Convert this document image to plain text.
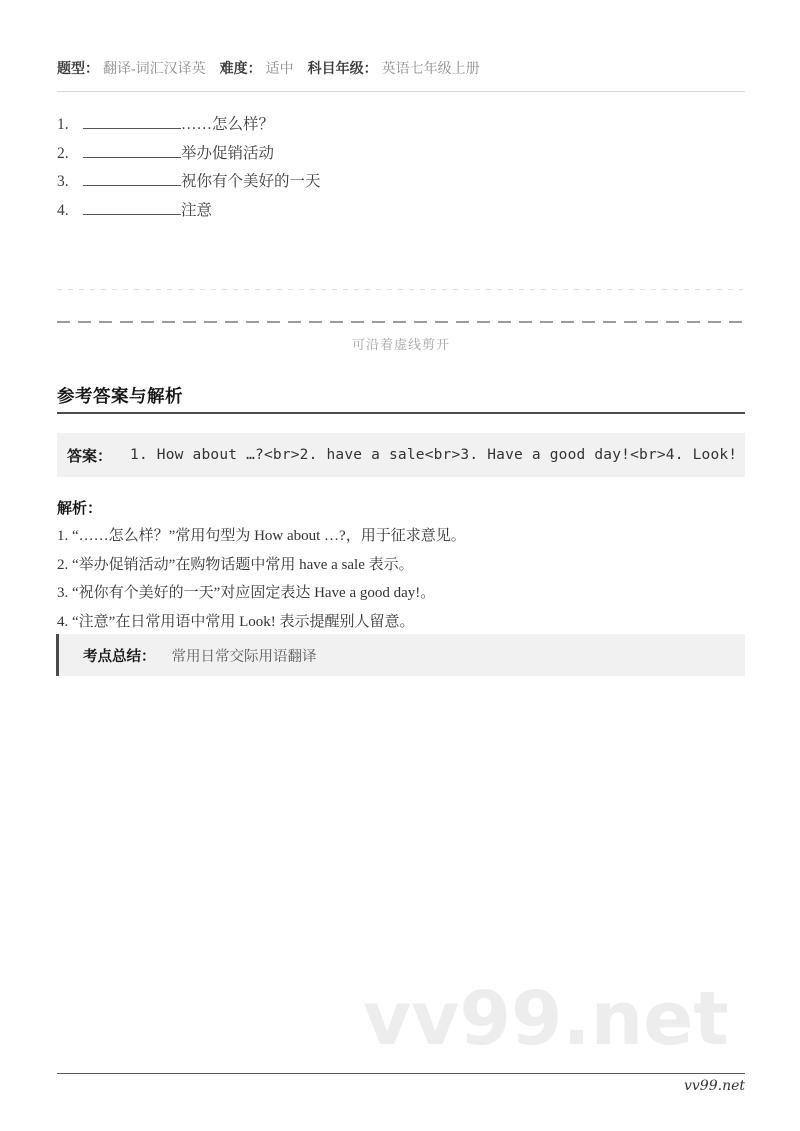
题型： 翻译-词汇汉译英 难度： 适中 科目年级： 英语七年级上册
1.	……怎么样？
2.	举办促销活动
3.	祝你有个美好的一天
4.	注意
可沿着虚线剪开
参考答案与解析
答案： 1. How about …?<br>2. have a sale<br>3. Have a good day!<br>4. Look!
解析：
1. “……怎么样？”常用句型为 How about …?，用于征求意见。
2. “举办促销活动”在购物话题中常用 have a sale 表示。
3. “祝你有个美好的一天”对应固定表达 Have a good day!。
4. “注意”在日常用语中常用 Look! 表示提醒别人留意。
考点总结： 常用日常交际用语翻译
vv99.net
vv99.net
